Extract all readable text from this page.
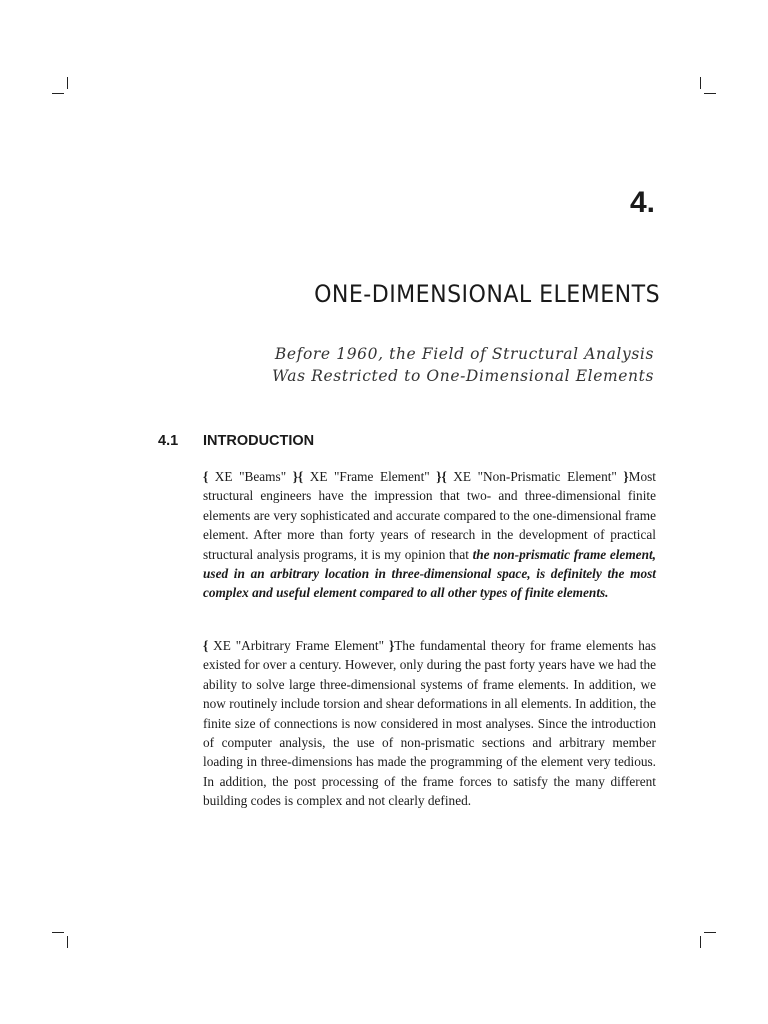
4.
ONE-DIMENSIONAL ELEMENTS
Before 1960, the Field of Structural Analysis
Was Restricted to One-Dimensional Elements
4.1 INTRODUCTION
{ XE "Beams" }{ XE "Frame Element" }{ XE "Non-Prismatic Element" }Most structural engineers have the impression that two- and three-dimensional finite elements are very sophisticated and accurate compared to the one-dimensional frame element. After more than forty years of research in the development of practical structural analysis programs, it is my opinion that the non-prismatic frame element, used in an arbitrary location in three-dimensional space, is definitely the most complex and useful element compared to all other types of finite elements.
{ XE "Arbitrary Frame Element" }The fundamental theory for frame elements has existed for over a century. However, only during the past forty years have we had the ability to solve large three-dimensional systems of frame elements. In addition, we now routinely include torsion and shear deformations in all elements. In addition, the finite size of connections is now considered in most analyses. Since the introduction of computer analysis, the use of non-prismatic sections and arbitrary member loading in three-dimensions has made the programming of the element very tedious. In addition, the post processing of the frame forces to satisfy the many different building codes is complex and not clearly defined.
